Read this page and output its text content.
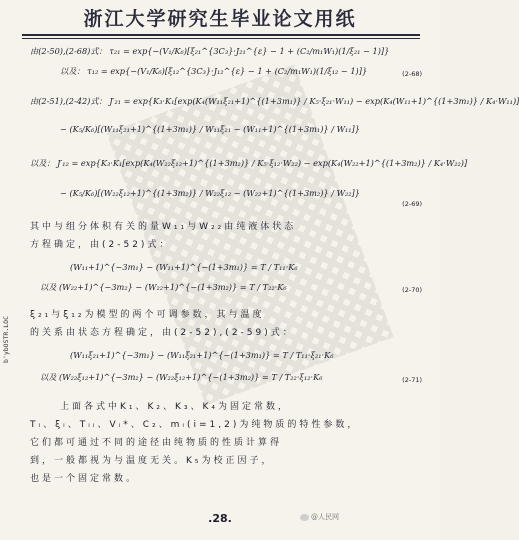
浙江大学研究生毕业论文用纸
由(2-50),(2-68)式： τ₂₁ = exp{−(V₁/K₆)[ξ₂₁^{3C₃}·J₂₁^{ε} − 1 + (C₂/m₁W₁)(1/ξ₂₁ − 1)]}
以及： τ₁₂ = exp{−(V₁/K₆)[ξ₁₂^{3C₃}·J₁₂^{ε} − 1 + (C₂/m₁W₁)(1/ξ₁₂ − 1)]}	(2-68)
由(2-51),(2-42)式： J′₂₁ = exp{K₃·K₁[exp(K₄(W₁₁ξ₂₁+1)^{(1+3m₁)} / K₅·ξ₂₁·W₁₁) − exp(K₄(W₁₁+1)^{(1+3m₁)} / K₄·W₁₁)]
− (K₅/K₆)[(W₁₁ξ₂₁+1)^{(1+3m₁)} / W₁₁ξ₂₁ − (W₁₁+1)^{(1+3m₁)} / W₁₁]}
以及： J′₁₂ = exp{K₃·K₁[exp(K₄(W₂₂ξ₁₂+1)^{(1+3m₂)} / K₅·ξ₁₂·W₂₂) − exp(K₄(W₂₂+1)^{(1+3m₂)} / K₄·W₂₂)]
− (K₅/K₆)[(W₂₂ξ₁₂+1)^{(1+3m₂)} / W₂₂ξ₁₂ − (W₂₂+1)^{(1+3m₂)} / W₂₂]}
(2-69)
其中与组分体积有关的量W₁₁与W₂₂由纯液体状态
方程确定，由(2-52)式：
(W₁₁+1)^{−3m₁} − (W₁₁+1)^{−(1+3m₁)} = T / T₁₁·K₆
以及 (W₂₂+1)^{−3m₂} − (W₂₂+1)^{−(1+3m₂)} = T / T₂₂·K₆	(2-70)
ξ₂₁与ξ₁₂为模型的两个可调参数，其与温度
的关系由状态方程确定，由(2-52),(2-59)式：
(W₁₁ξ₂₁+1)^{−3m₁} − (W₁₁ξ₂₁+1)^{−(1+3m₁)} = T / T₁₁·ξ₂₁·K₆
以及 (W₂₂ξ₁₂+1)^{−3m₂} − (W₂₂ξ₁₂+1)^{−(1+3m₂)} = T / T₂₂·ξ₁₂·K₆	(2-71)
上面各式中K₁、K₂、K₃、K₄为固定常数，
Tᵢ、ξᵢ、Tᵢᵢ、Vᵢ*、C₂、mᵢ(i=1,2)为纯物质的特性参数，
它们都可通过不同的途径由纯物质的性质计算得
到，一般都视为与温度无关。K₅为校正因子，
也是一个固定常数。
b'ybOSTR.LOC
.28.	@人民网
